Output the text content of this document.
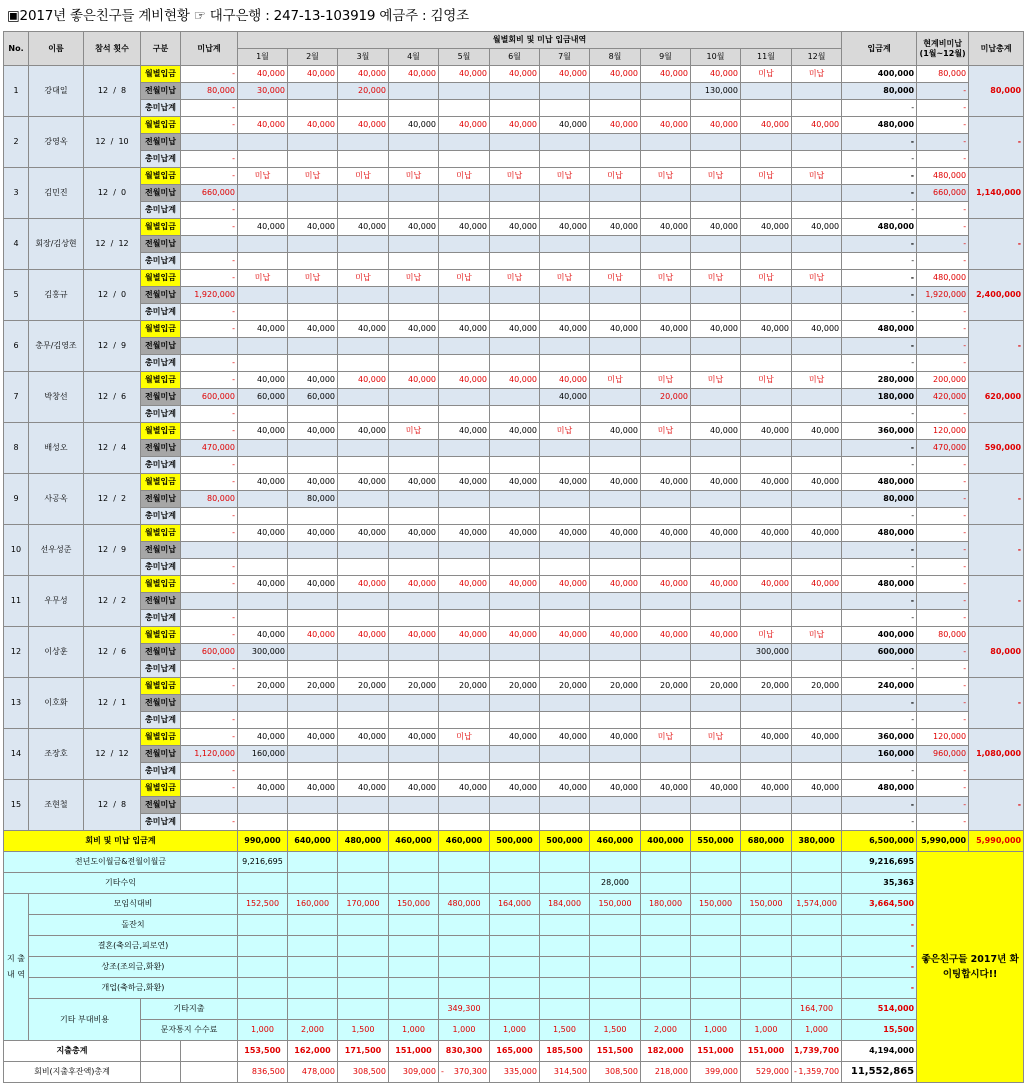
▣2017년 좋은친구들 계비현황 ☞ 대구은행 : 247-13-103919 예금주 : 김영조
No.	이름	참석 횟수	구분	미납계	월별회비 및 미납 입금내역												입금계	현계비미납 (1월~12월)	미납총계
					1월	2월	3월	4월	5월	6월	7월	8월	9월	10월	11월	12월			
1	강대일	12  /  8	월별입금	-	40,000	40,000	40,000	40,000	40,000	40,000	40,000	40,000	40,000	40,000	미납	미납	400,000	80,000	80,000
			전월미납	80,000	30,000		20,000							130,000			80,000	-	
			총미납계	-													-	-	
2	강영옥	12  /  10	월별입금	-	40,000	40,000	40,000	40,000	40,000	40,000	40,000	40,000	40,000	40,000	40,000	40,000	480,000	-	-
			전월미납														-	-	
			총미납계	-													-	-	
3	김민진	12  /  0	월별입금	-	미납	미납	미납	미납	미납	미납	미납	미납	미납	미납	미납	미납	-	480,000	1,140,000
			전월미납	660,000													-	660,000	
			총미납계	-													-	-	
4	회장/김상현	12  /  12	월별입금	-	40,000	40,000	40,000	40,000	40,000	40,000	40,000	40,000	40,000	40,000	40,000	40,000	480,000	-	-
			전월미납														-	-	
			총미납계	-													-	-	
5	김홍규	12  /  0	월별입금	-	미납	미납	미납	미납	미납	미납	미납	미납	미납	미납	미납	미납	-	480,000	2,400,000
			전월미납	1,920,000													-	1,920,000	
			총미납계	-													-	-	
6	총무/김영조	12  /  9	월별입금	-	40,000	40,000	40,000	40,000	40,000	40,000	40,000	40,000	40,000	40,000	40,000	40,000	480,000	-	-
			전월미납														-	-	
			총미납계	-													-	-	
7	박창선	12  /  6	월별입금	-	40,000	40,000	40,000	40,000	40,000	40,000	40,000	미납	미납	미납	미납	미납	280,000	200,000	620,000
			전월미납	600,000	60,000	60,000					40,000		20,000				180,000	420,000	
			총미납계	-													-	-	
8	배성오	12  /  4	월별입금	-	40,000	40,000	40,000	미납	40,000	40,000	미납	40,000	미납	40,000	40,000	40,000	360,000	120,000	590,000
			전월미납	470,000													-	470,000	
			총미납계	-													-	-	
9	사공옥	12  /  2	월별입금	-	40,000	40,000	40,000	40,000	40,000	40,000	40,000	40,000	40,000	40,000	40,000	40,000	480,000	-	-
			전월미납	80,000		80,000											80,000	-	
			총미납계	-													-	-	
10	선우성준	12  /  9	월별입금	-	40,000	40,000	40,000	40,000	40,000	40,000	40,000	40,000	40,000	40,000	40,000	40,000	480,000	-	-
			전월미납														-	-	
			총미납계	-													-	-	
11	우무성	12  /  2	월별입금	-	40,000	40,000	40,000	40,000	40,000	40,000	40,000	40,000	40,000	40,000	40,000	40,000	480,000	-	-
			전월미납														-	-	
			총미납계	-													-	-	
12	이상훈	12  /  6	월별입금	-	40,000	40,000	40,000	40,000	40,000	40,000	40,000	40,000	40,000	40,000	미납	미납	400,000	80,000	80,000
			전월미납	600,000	300,000										300,000		600,000	-	
			총미납계	-													-	-	
13	이호화	12  /  1	월별입금	-	20,000	20,000	20,000	20,000	20,000	20,000	20,000	20,000	20,000	20,000	20,000	20,000	240,000	-	-
			전월미납														-	-	
			총미납계	-													-	-	
14	조장호	12  /  12	월별입금	-	40,000	40,000	40,000	40,000	미납	40,000	40,000	40,000	미납	미납	40,000	40,000	360,000	120,000	1,080,000
			전월미납	1,120,000	160,000												160,000	960,000	
			총미납계	-													-	-	
15	조현철	12  /  8	월별입금	-	40,000	40,000	40,000	40,000	40,000	40,000	40,000	40,000	40,000	40,000	40,000	40,000	480,000	-	-
			전월미납														-	-	
			총미납계	-													-	-	
회비 및 미납 입금계					990,000	640,000	480,000	460,000	460,000	500,000	500,000	460,000	400,000	550,000	680,000	380,000	6,500,000	5,990,000	5,990,000
전년도이월금&전월이월금					9,216,695												9,216,695	좋은친구들 2017년 화이팅합시다!!	
기타수익												28,000					35,363		
지 출 내 역	모임식대비				152,500	160,000	170,000	150,000	480,000	164,000	184,000	150,000	180,000	150,000	150,000	1,574,000	3,664,500		
	돌잔치																-		
	결혼(축의금,피로연)																-		
	상조(조의금,화환)																-		
	개업(축하금,화환)																-		
	기타 부대비용		기타지출						349,300							164,700	514,000		
			문자통지 수수료		1,000	2,000	1,500	1,000	1,000	1,000	1,500	1,500	2,000	1,000	1,000	1,000	15,500		
지출총계					153,500	162,000	171,500	151,000	830,300	165,000	185,500	151,500	182,000	151,000	151,000	1,739,700	4,194,000		
회비(지출후잔액)총계					836,500	478,000	308,500	309,000	- 370,300	335,000	314,500	308,500	218,000	399,000	529,000	- 1,359,700	11,552,865		
